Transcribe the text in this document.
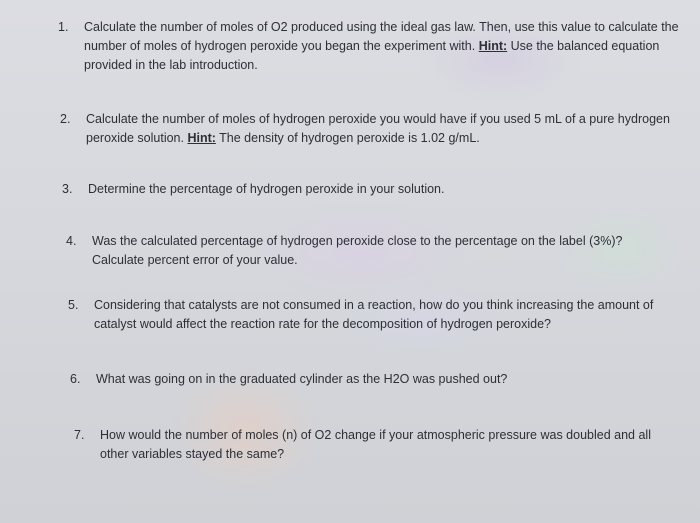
1.	Calculate the number of moles of O2 produced using the ideal gas law. Then, use this value to calculate the number of moles of hydrogen peroxide you began the experiment with. Hint: Use the balanced equation provided in the lab introduction.
2.	Calculate the number of moles of hydrogen peroxide you would have if you used 5 mL of a pure hydrogen peroxide solution. Hint: The density of hydrogen peroxide is 1.02 g/mL.
3.	Determine the percentage of hydrogen peroxide in your solution.
4.	Was the calculated percentage of hydrogen peroxide close to the percentage on the label (3%)? Calculate percent error of your value.
5.	Considering that catalysts are not consumed in a reaction, how do you think increasing the amount of catalyst would affect the reaction rate for the decomposition of hydrogen peroxide?
6.	What was going on in the graduated cylinder as the H2O was pushed out?
7.	How would the number of moles (n) of O2 change if your atmospheric pressure was doubled and all other variables stayed the same?
